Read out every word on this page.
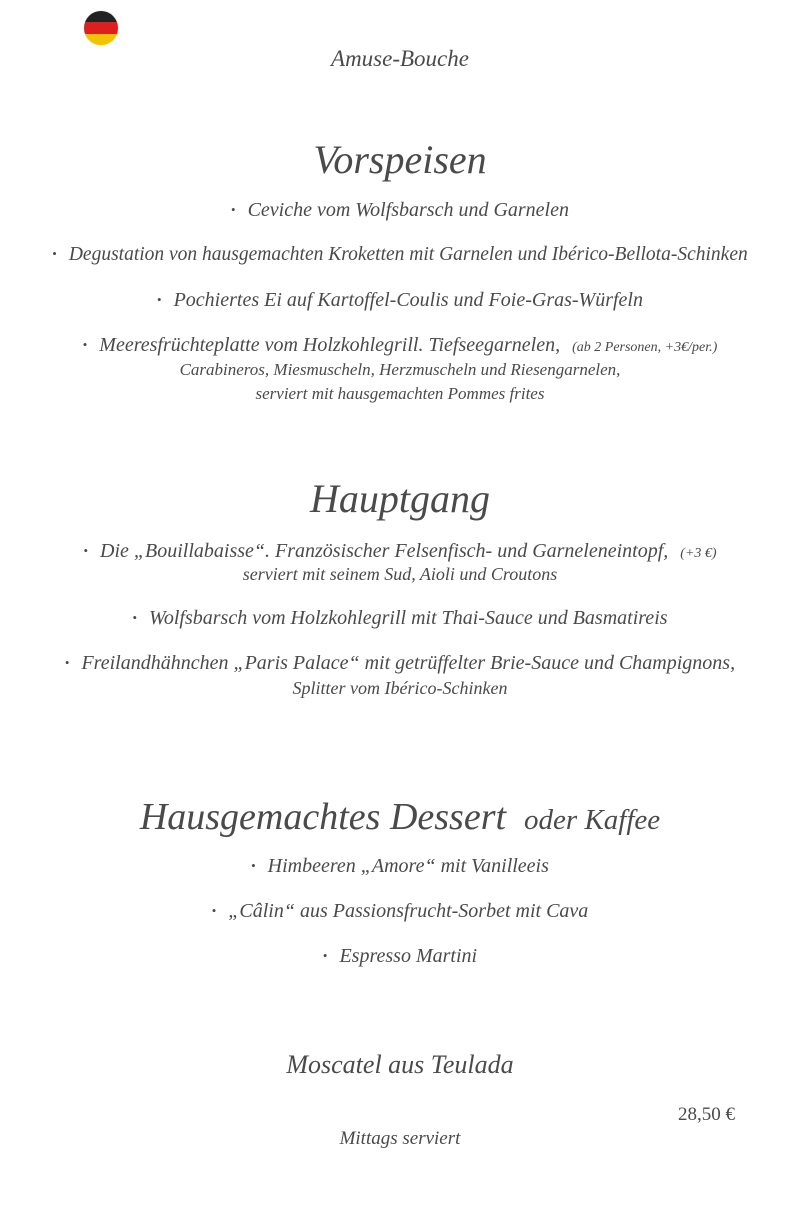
Amuse-Bouche
Vorspeisen
• Ceviche vom Wolfsbarsch und Garnelen
• Degustation von hausgemachten Kroketten mit Garnelen und Ibérico-Bellota-Schinken
• Pochiertes Ei auf Kartoffel-Coulis und Foie-Gras-Würfeln
• Meeresfrüchteplatte vom Holzkohlegrill. Tiefseegarnelen, (ab 2 Personen, +3€/per.)
Carabineros, Miesmuscheln, Herzmuscheln und Riesengarnelen,
serviert mit hausgemachten Pommes frites
Hauptgang
• Die „Bouillabaisse“. Französischer Felsenfisch- und Garneleneintopf, (+3 €)
serviert mit seinem Sud, Aioli und Croutons
• Wolfsbarsch vom Holzkohlegrill mit Thai-Sauce und Basmatireis
• Freilandhähnchen „Paris Palace“ mit getrüffelter Brie-Sauce und Champignons,
Splitter vom Ibérico-Schinken
Hausgemachtes Dessert oder Kaffee
• Himbeeren „Amore“ mit Vanilleeis
• „Câlin“ aus Passionsfrucht-Sorbet mit Cava
• Espresso Martini
Moscatel aus Teulada
28,50 €
Mittags serviert
